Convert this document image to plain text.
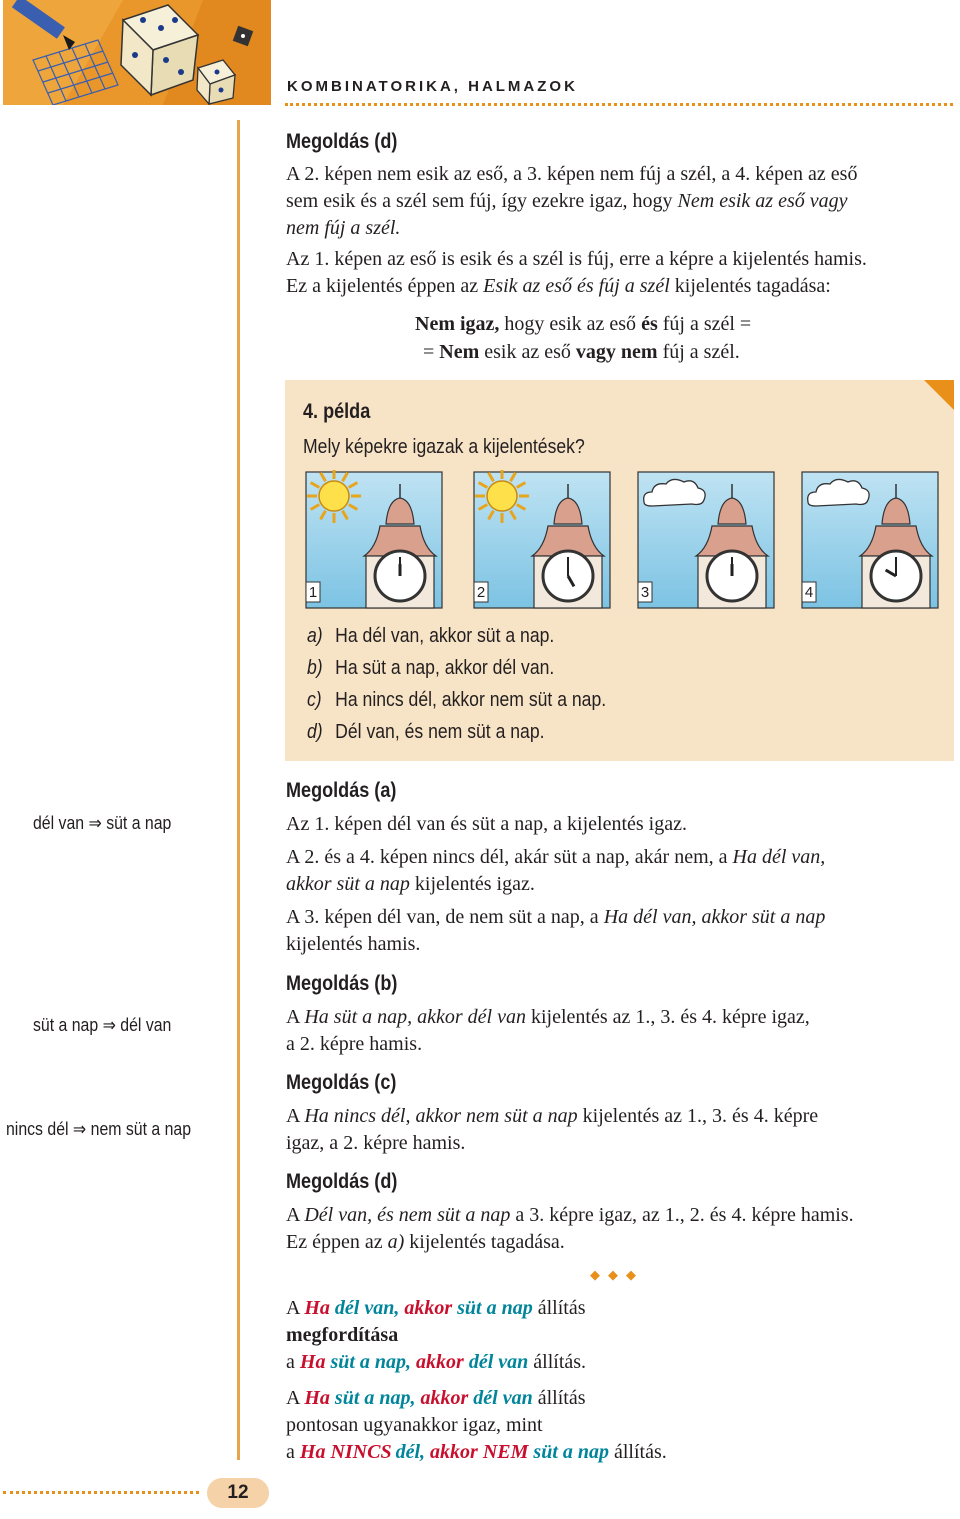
KOMBINATORIKA, HALMAZOK
Megoldás (d)
A 2. képen nem esik az eső, a 3. képen nem fúj a szél, a 4. képen az eső
sem esik és a szél sem fúj, így ezekre igaz, hogy Nem esik az eső vagy
nem fúj a szél.
Az 1. képen az eső is esik és a szél is fúj, erre a képre a kijelentés hamis.
Ez a kijelentés éppen az Esik az eső és fúj a szél kijelentés tagadása:
Nem igaz, hogy esik az eső és fúj a szél =
= Nem esik az eső vagy nem fúj a szél.
4. példa
Mely képekre igazak a kijelentések?
1	2	3	4
a) Ha dél van, akkor süt a nap.
b) Ha süt a nap, akkor dél van.
c) Ha nincs dél, akkor nem süt a nap.
d) Dél van, és nem süt a nap.
Megoldás (a)
Az 1. képen dél van és süt a nap, a kijelentés igaz.
A 2. és a 4. képen nincs dél, akár süt a nap, akár nem, a Ha dél van,
akkor süt a nap kijelentés igaz.
A 3. képen dél van, de nem süt a nap, a Ha dél van, akkor süt a nap
kijelentés hamis.
Megoldás (b)
A Ha süt a nap, akkor dél van kijelentés az 1., 3. és 4. képre igaz,
a 2. képre hamis.
Megoldás (c)
A Ha nincs dél, akkor nem süt a nap kijelentés az 1., 3. és 4. képre
igaz, a 2. képre hamis.
Megoldás (d)
A Dél van, és nem süt a nap a 3. képre igaz, az 1., 2. és 4. képre hamis.
Ez éppen az a) kijelentés tagadása.
◆◆◆
A Ha dél van, akkor süt a nap állítás
megfordítása
a Ha süt a nap, akkor dél van állítás.
A Ha süt a nap, akkor dél van állítás
pontosan ugyanakkor igaz, mint
a Ha NINCS dél, akkor NEM süt a nap állítás.
dél van ⇒ süt a nap
süt a nap ⇒ dél van
nincs dél ⇒ nem süt a nap
12
